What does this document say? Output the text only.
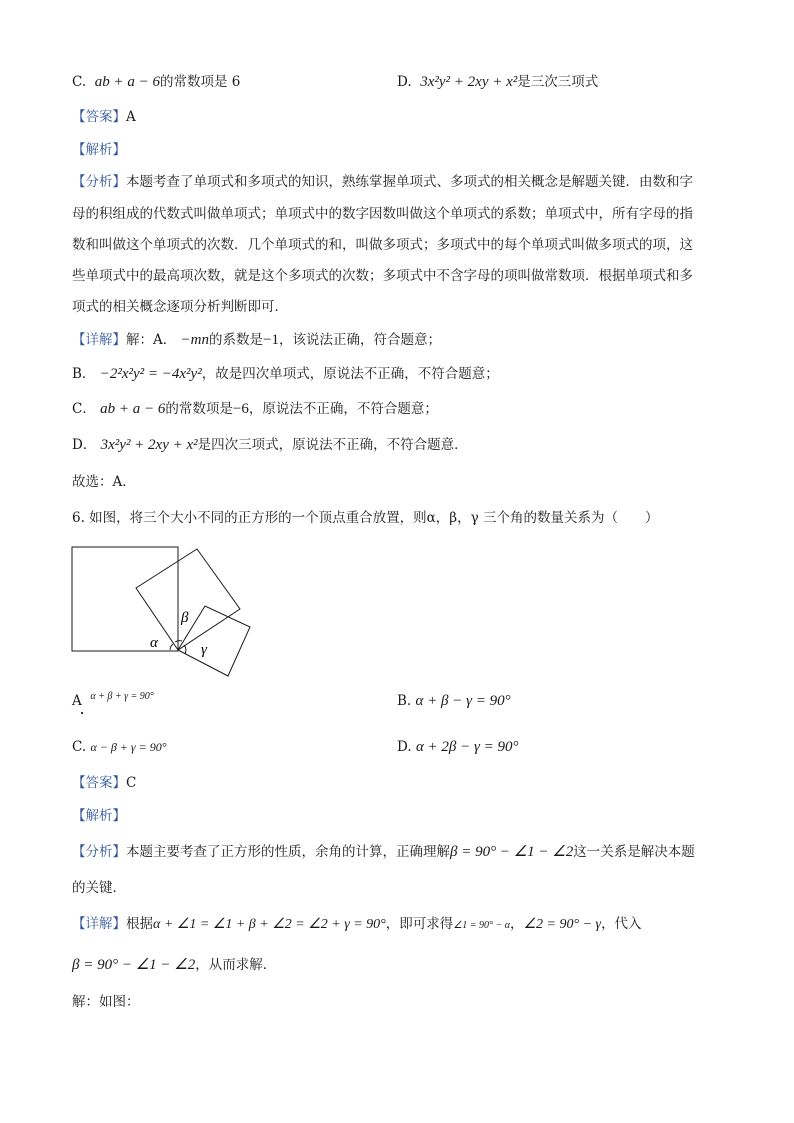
C. ab + a − 6的常数项是 6	D. 3x²y² + 2xy + x²是三次三项式
【答案】A
【解析】
【分析】本题考查了单项式和多项式的知识，熟练掌握单项式、多项式的相关概念是解题关键．由数和字
母的积组成的代数式叫做单项式；单项式中的数字因数叫做这个单项式的系数；单项式中，所有字母的指
数和叫做这个单项式的次数．几个单项式的和，叫做多项式；多项式中的每个单项式叫做多项式的项，这
些单项式中的最高项次数，就是这个多项式的次数；多项式中不含字母的项叫做常数项．根据单项式和多
项式的相关概念逐项分析判断即可．
【详解】解：A． −mn的系数是−1，该说法正确，符合题意；
B． −2²x²y² = −4x²y²，故是四次单项式，原说法不正确，不符合题意；
C． ab + a − 6的常数项是−6，原说法不正确，不符合题意；
D． 3x²y² + 2xy + x²是四次三项式，原说法不正确，不符合题意．
故选：A．
6. 如图，将三个大小不同的正方形的一个顶点重合放置，则α，β，γ 三个角的数量关系为（　　）
α
β
γ
A $^{\alpha + \beta + \gamma = 90^\circ}$	B. α + β − γ = 90°
C. α − β + γ = 90°	D. α + 2β − γ = 90°
【答案】C
【解析】
【分析】本题主要考查了正方形的性质，余角的计算，正确理解β = 90° − ∠1 − ∠2这一关系是解决本题
的关键．
【详解】根据α + ∠1 = ∠1 + β + ∠2 = ∠2 + γ = 90°，即可求得∠1 = 90° − α，∠2 = 90° − γ，代入
β = 90° − ∠1 − ∠2，从而求解．
解：如图：
